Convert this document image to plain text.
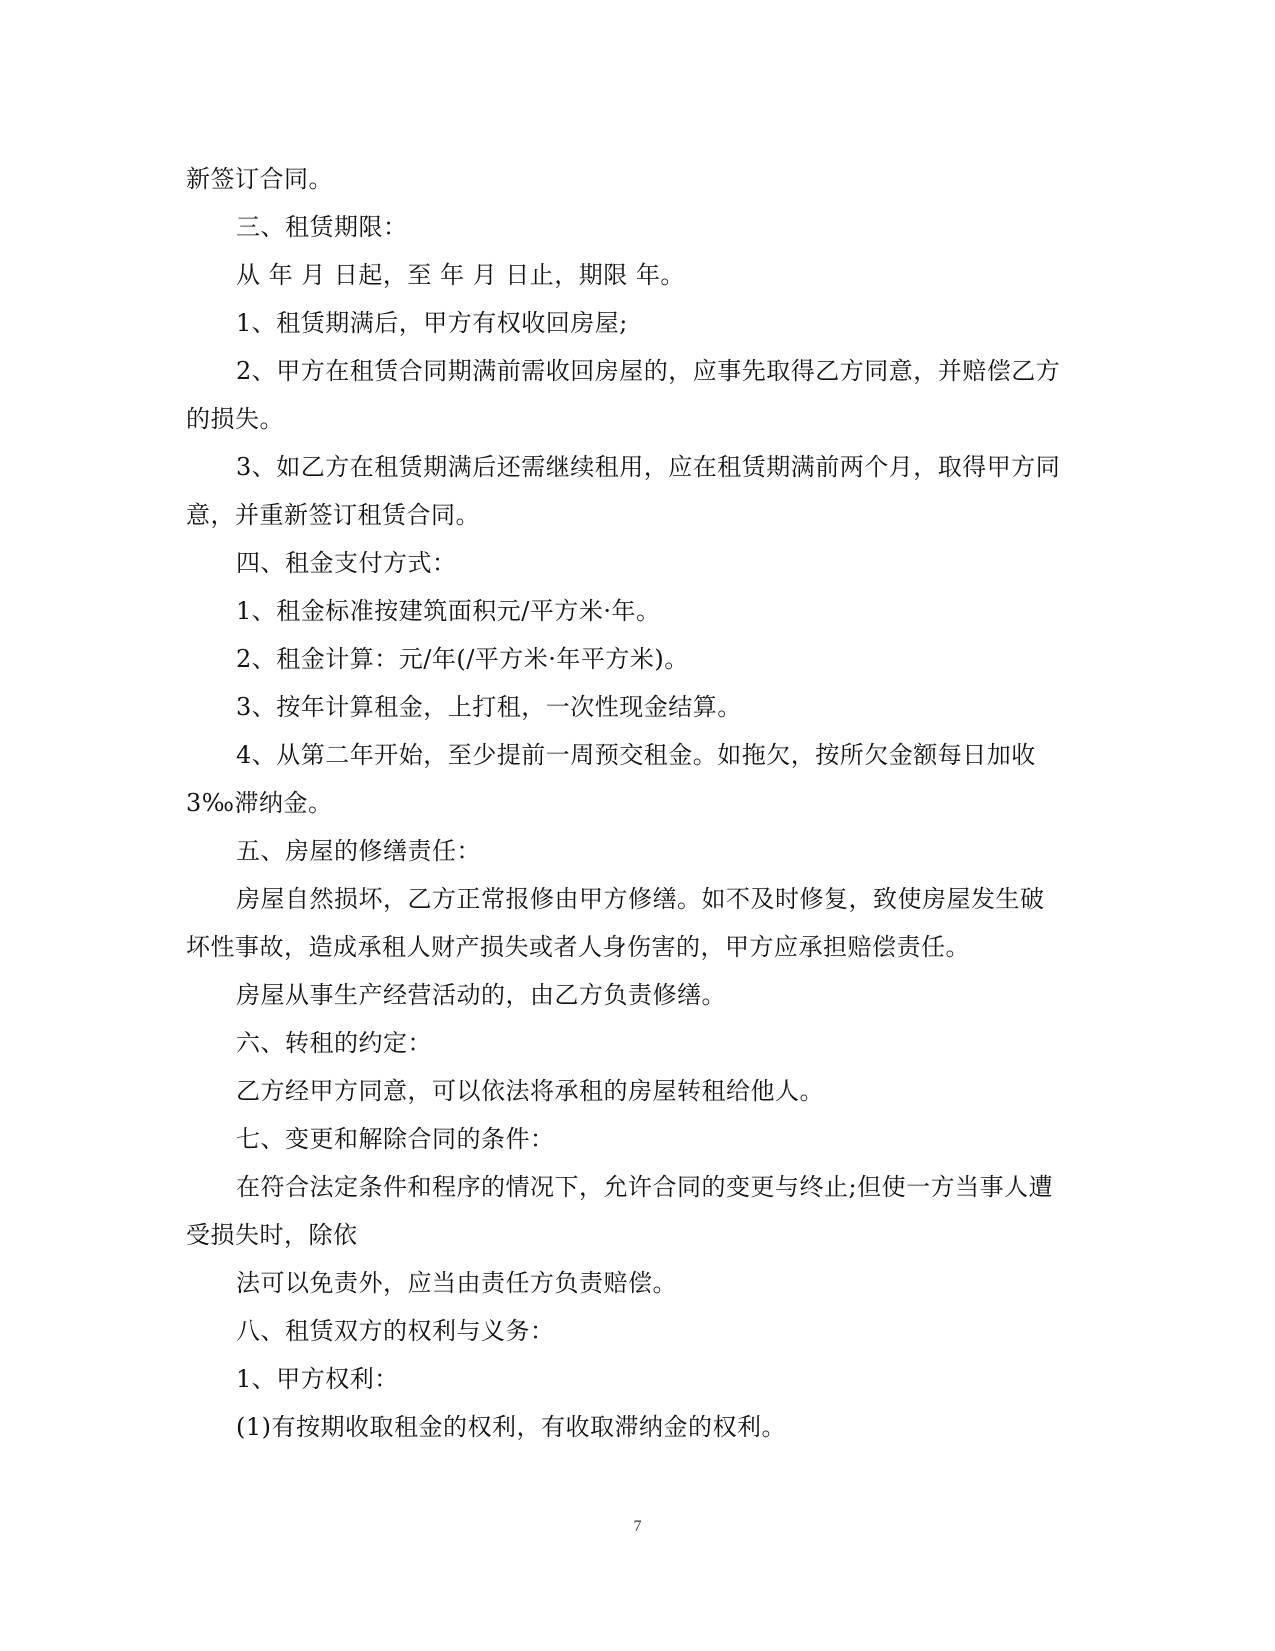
新签订合同。
三、租赁期限：
从 年 月 日起，至 年 月 日止，期限 年。
1、租赁期满后，甲方有权收回房屋;
2、甲方在租赁合同期满前需收回房屋的，应事先取得乙方同意，并赔偿乙方
的损失。
3、如乙方在租赁期满后还需继续租用，应在租赁期满前两个月，取得甲方同
意，并重新签订租赁合同。
四、租金支付方式：
1、租金标准按建筑面积元/平方米·年。
2、租金计算：元/年(/平方米·年平方米)。
3、按年计算租金，上打租，一次性现金结算。
4、从第二年开始，至少提前一周预交租金。如拖欠，按所欠金额每日加收
3‰滞纳金。
五、房屋的修缮责任：
房屋自然损坏，乙方正常报修由甲方修缮。如不及时修复，致使房屋发生破
坏性事故，造成承租人财产损失或者人身伤害的，甲方应承担赔偿责任。
房屋从事生产经营活动的，由乙方负责修缮。
六、转租的约定：
乙方经甲方同意，可以依法将承租的房屋转租给他人。
七、变更和解除合同的条件：
在符合法定条件和程序的情况下，允许合同的变更与终止;但使一方当事人遭
受损失时，除依
法可以免责外，应当由责任方负责赔偿。
八、租赁双方的权利与义务：
1、甲方权利：
(1)有按期收取租金的权利，有收取滞纳金的权利。
7
